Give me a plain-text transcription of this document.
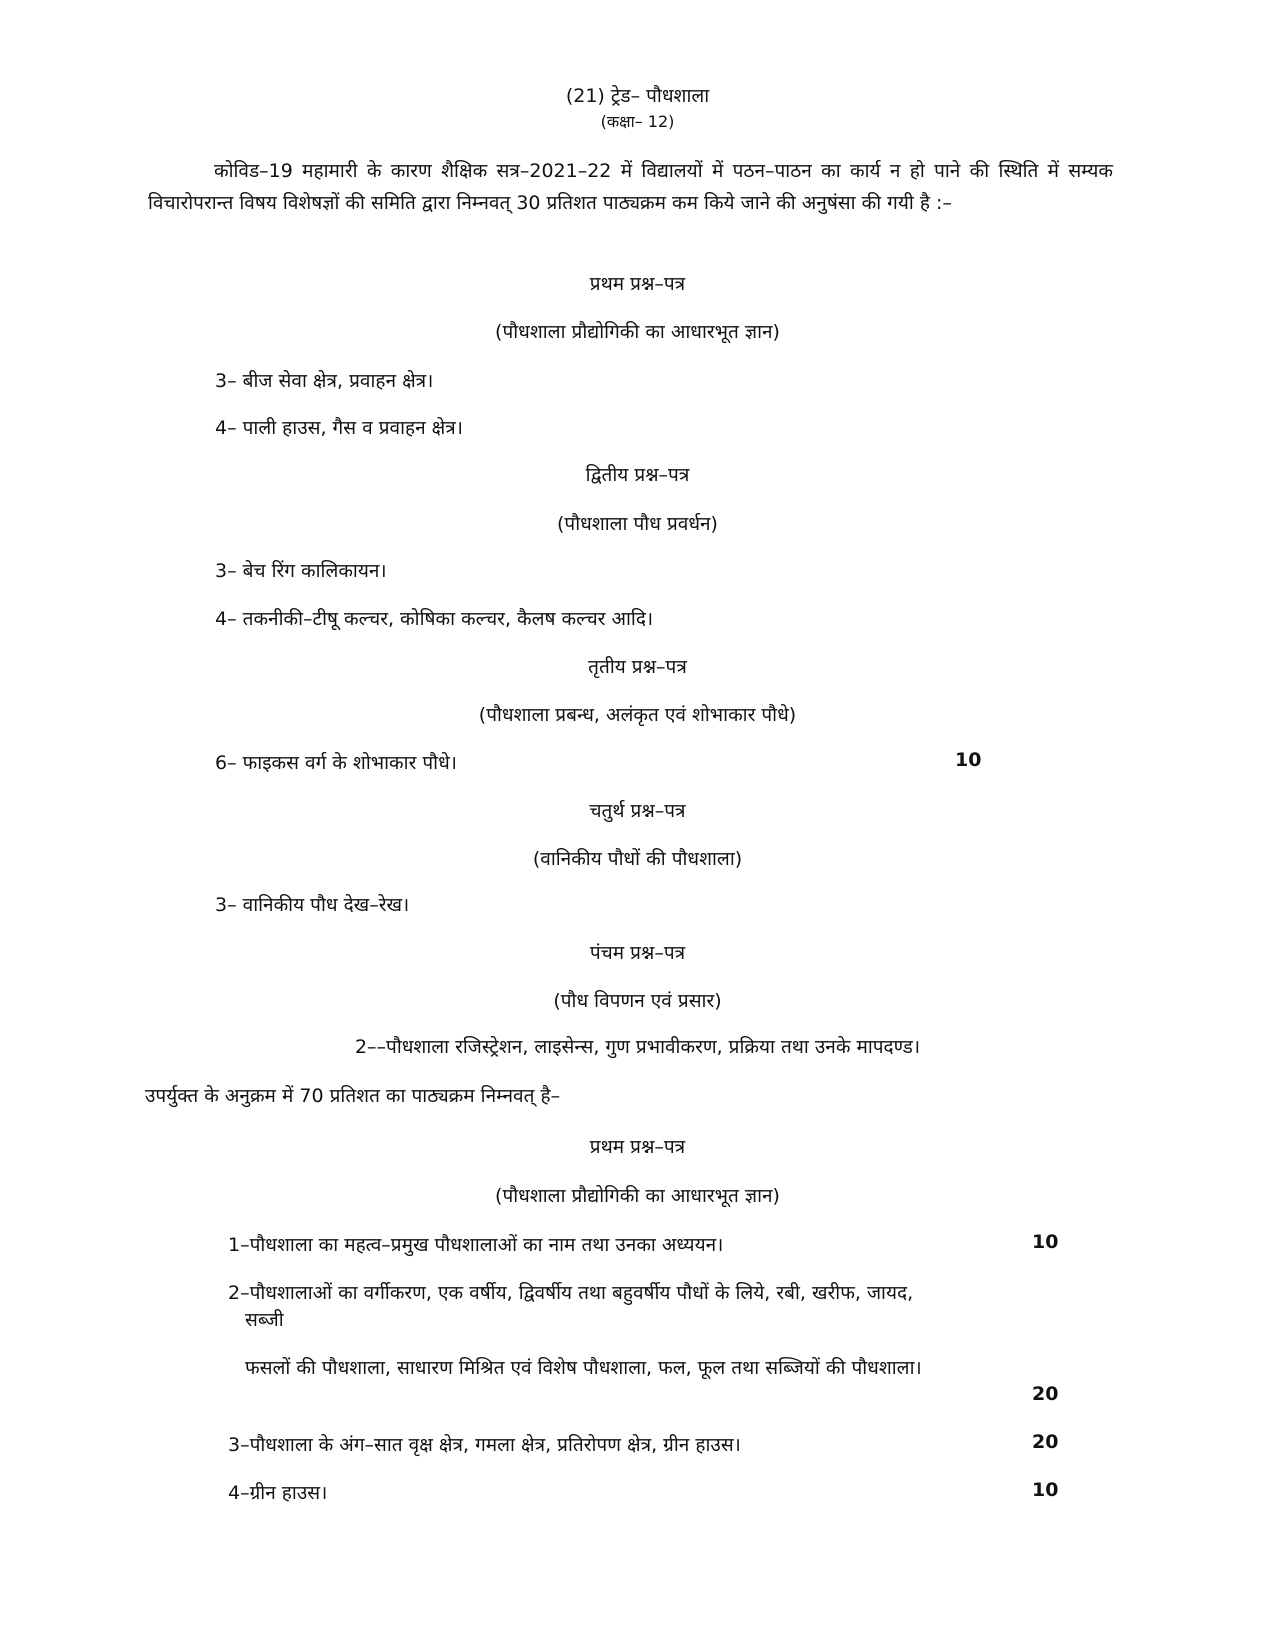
(21) ट्रेड– पौधशाला
(कक्षा– 12)
कोविड–19 महामारी के कारण शैक्षिक सत्र–2021–22 में विद्यालयों में पठन–पाठन का कार्य न हो पाने की स्थिति में सम्यक विचारोपरान्त विषय विशेषज्ञों की समिति द्वारा निम्नवत् 30 प्रतिशत पाठ्यक्रम कम किये जाने की अनुषंसा की गयी है :–
प्रथम प्रश्न–पत्र
(पौधशाला प्रौद्योगिकी का आधारभूत ज्ञान)
3– बीज सेवा क्षेत्र, प्रवाहन क्षेत्र।
4– पाली हाउस, गैस व प्रवाहन क्षेत्र।
द्वितीय प्रश्न–पत्र
(पौधशाला पौध प्रवर्धन)
3– बेच रिंग कालिकायन।
4– तकनीकी–टीषू कल्चर, कोषिका कल्चर, कैलष कल्चर आदि।
तृतीय प्रश्न–पत्र
(पौधशाला प्रबन्ध, अलंकृत एवं शोभाकार पौधे)
6– फाइकस वर्ग के शोभाकार पौधे।	10
चतुर्थ प्रश्न–पत्र
(वानिकीय पौधों की पौधशाला)
3– वानिकीय पौध देख–रेख।
पंचम प्रश्न–पत्र
(पौध विपणन एवं प्रसार)
2––पौधशाला रजिस्ट्रेशन, लाइसेन्स, गुण प्रभावीकरण, प्रक्रिया तथा उनके मापदण्ड।
उपर्युक्त के अनुक्रम में 70 प्रतिशत का पाठ्यक्रम निम्नवत् है–
प्रथम प्रश्न–पत्र
(पौधशाला प्रौद्योगिकी का आधारभूत ज्ञान)
1–पौधशाला का महत्व–प्रमुख पौधशालाओं का नाम तथा उनका अध्ययन।	10
2–पौधशालाओं का वर्गीकरण, एक वर्षीय, द्विवर्षीय तथा बहुवर्षीय पौधों के लिये, रबी, खरीफ, जायद,
सब्जी
फसलों की पौधशाला, साधारण मिश्रित एवं विशेष पौधशाला, फल, फूल तथा सब्जियों की पौधशाला।
20
3–पौधशाला के अंग–सात वृक्ष क्षेत्र, गमला क्षेत्र, प्रतिरोपण क्षेत्र, ग्रीन हाउस।	20
4–ग्रीन हाउस।	10
